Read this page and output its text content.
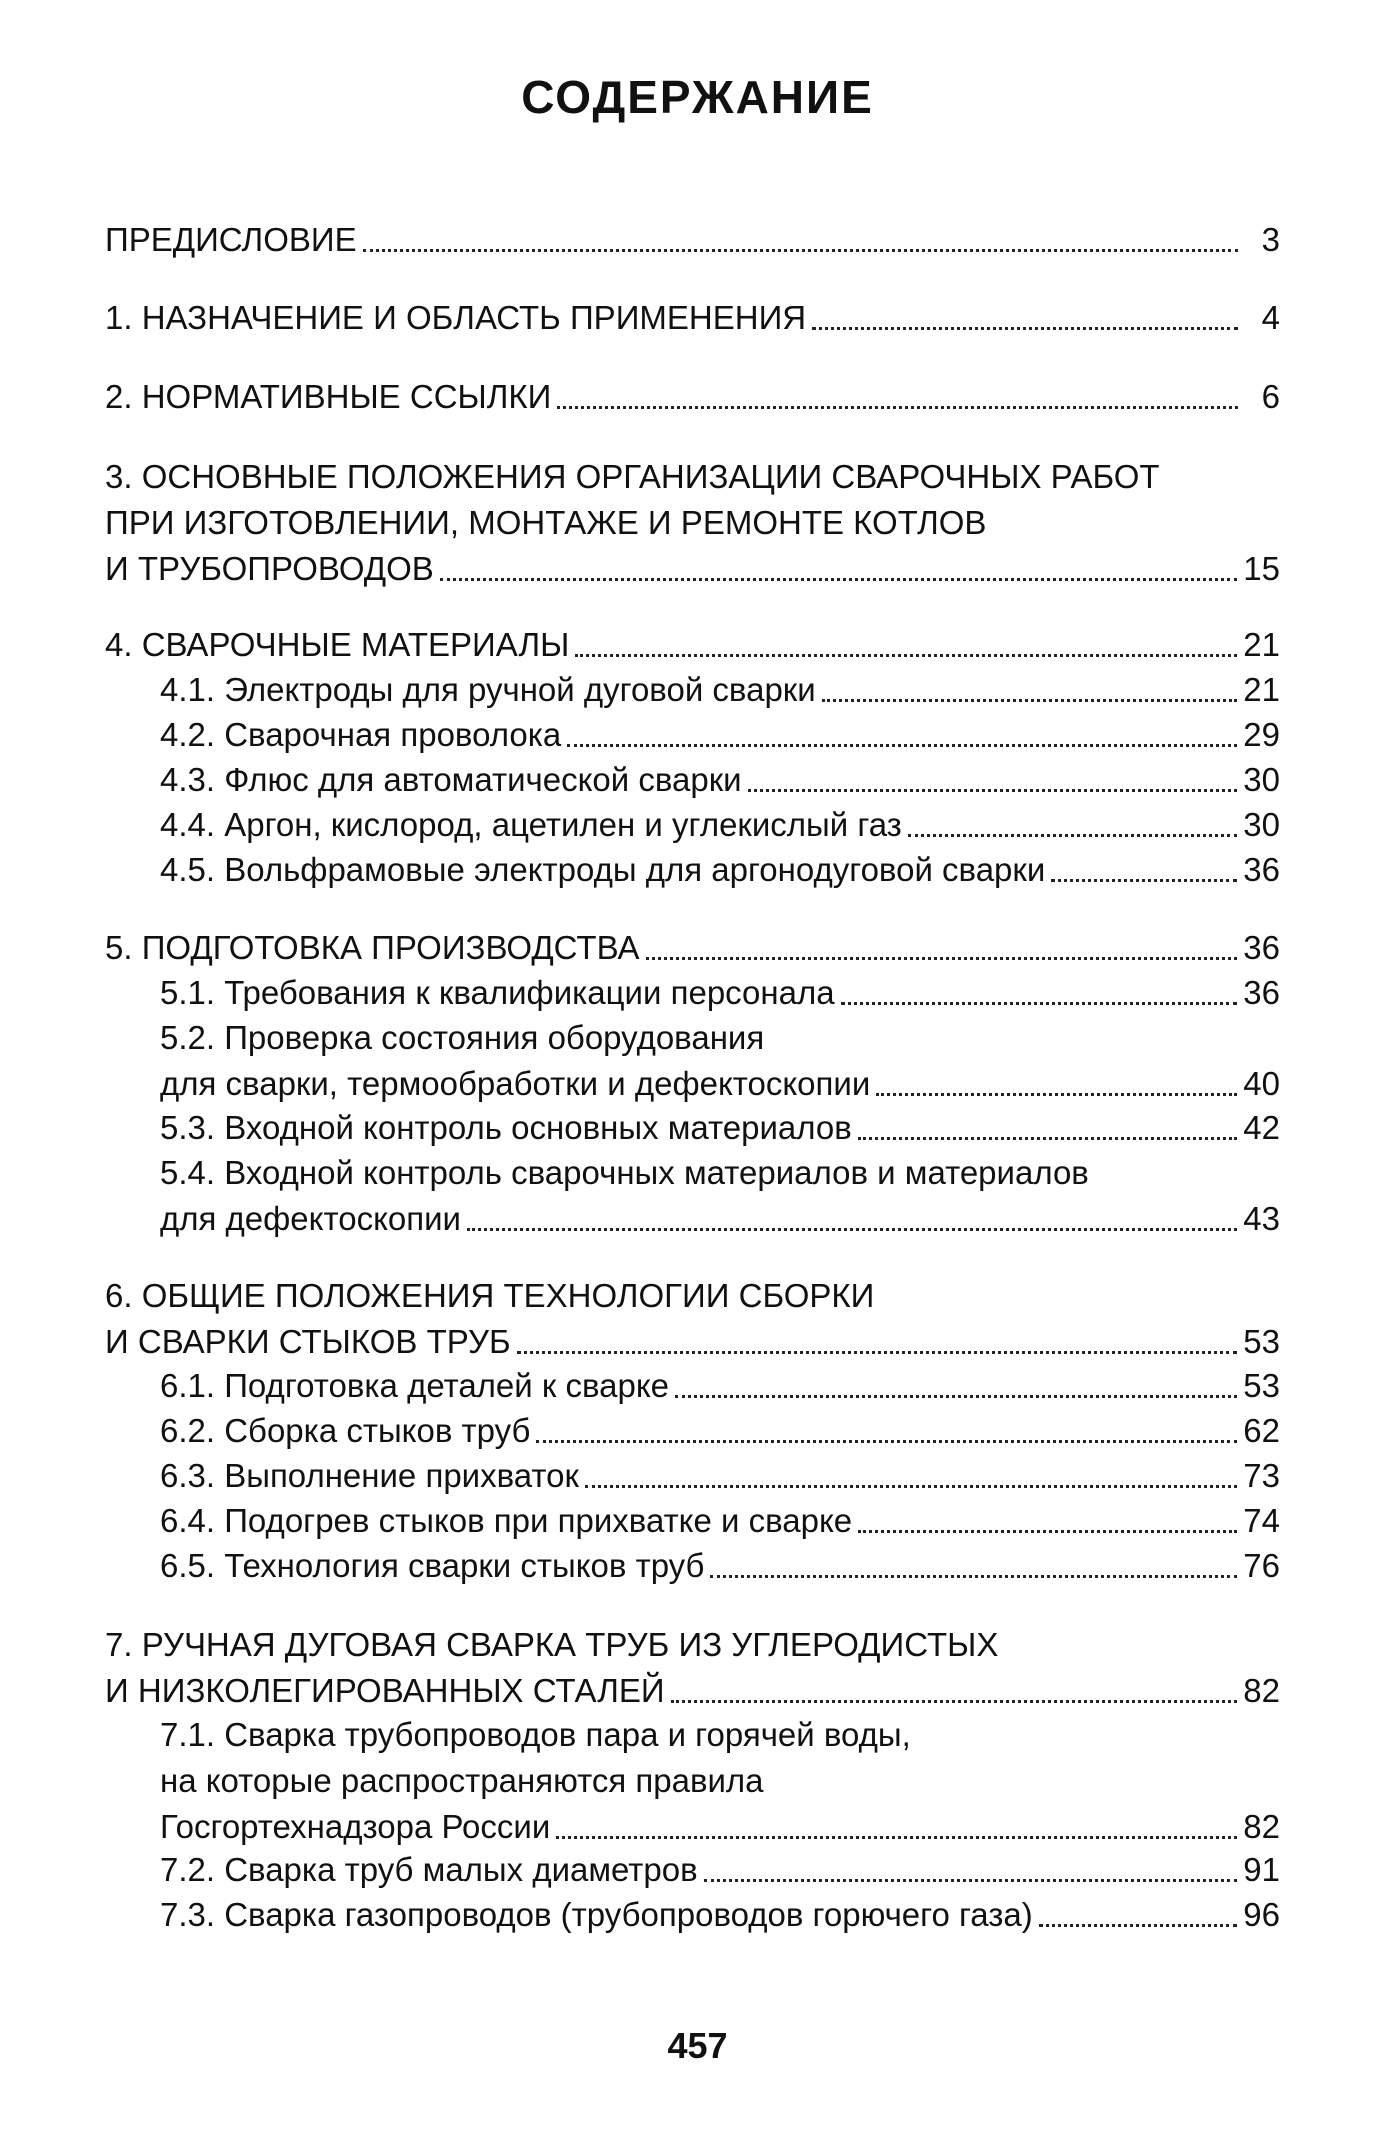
СОДЕРЖАНИЕ
ПРЕДИСЛОВИЕ	3
1. НАЗНАЧЕНИЕ И ОБЛАСТЬ ПРИМЕНЕНИЯ	4
2. НОРМАТИВНЫЕ ССЫЛКИ	6
3. ОСНОВНЫЕ ПОЛОЖЕНИЯ ОРГАНИЗАЦИИ СВАРОЧНЫХ РАБОТ
ПРИ ИЗГОТОВЛЕНИИ, МОНТАЖЕ И РЕМОНТЕ КОТЛОВ
И ТРУБОПРОВОДОВ	15
4. СВАРОЧНЫЕ МАТЕРИАЛЫ	21
4.1. Электроды для ручной дуговой сварки	21
4.2. Сварочная проволока	29
4.3. Флюс для автоматической сварки	30
4.4. Аргон, кислород, ацетилен и углекислый газ	30
4.5. Вольфрамовые электроды для аргонодуговой сварки	36
5. ПОДГОТОВКА ПРОИЗВОДСТВА	36
5.1. Требования к квалификации персонала	36
5.2. Проверка состояния оборудования
для сварки, термообработки и дефектоскопии	40
5.3. Входной контроль основных материалов	42
5.4. Входной контроль сварочных материалов и материалов
для дефектоскопии	43
6. ОБЩИЕ ПОЛОЖЕНИЯ ТЕХНОЛОГИИ СБОРКИ
И СВАРКИ СТЫКОВ ТРУБ	53
6.1. Подготовка деталей к сварке	53
6.2. Сборка стыков труб	62
6.3. Выполнение прихваток	73
6.4. Подогрев стыков при прихватке и сварке	74
6.5. Технология сварки стыков труб	76
7. РУЧНАЯ ДУГОВАЯ СВАРКА ТРУБ ИЗ УГЛЕРОДИСТЫХ
И НИЗКОЛЕГИРОВАННЫХ СТАЛЕЙ	82
7.1. Сварка трубопроводов пара и горячей воды,
на которые распространяются правила
Госгортехнадзора России	82
7.2. Сварка труб малых диаметров	91
7.3. Сварка газопроводов (трубопроводов горючего газа)	96
457
